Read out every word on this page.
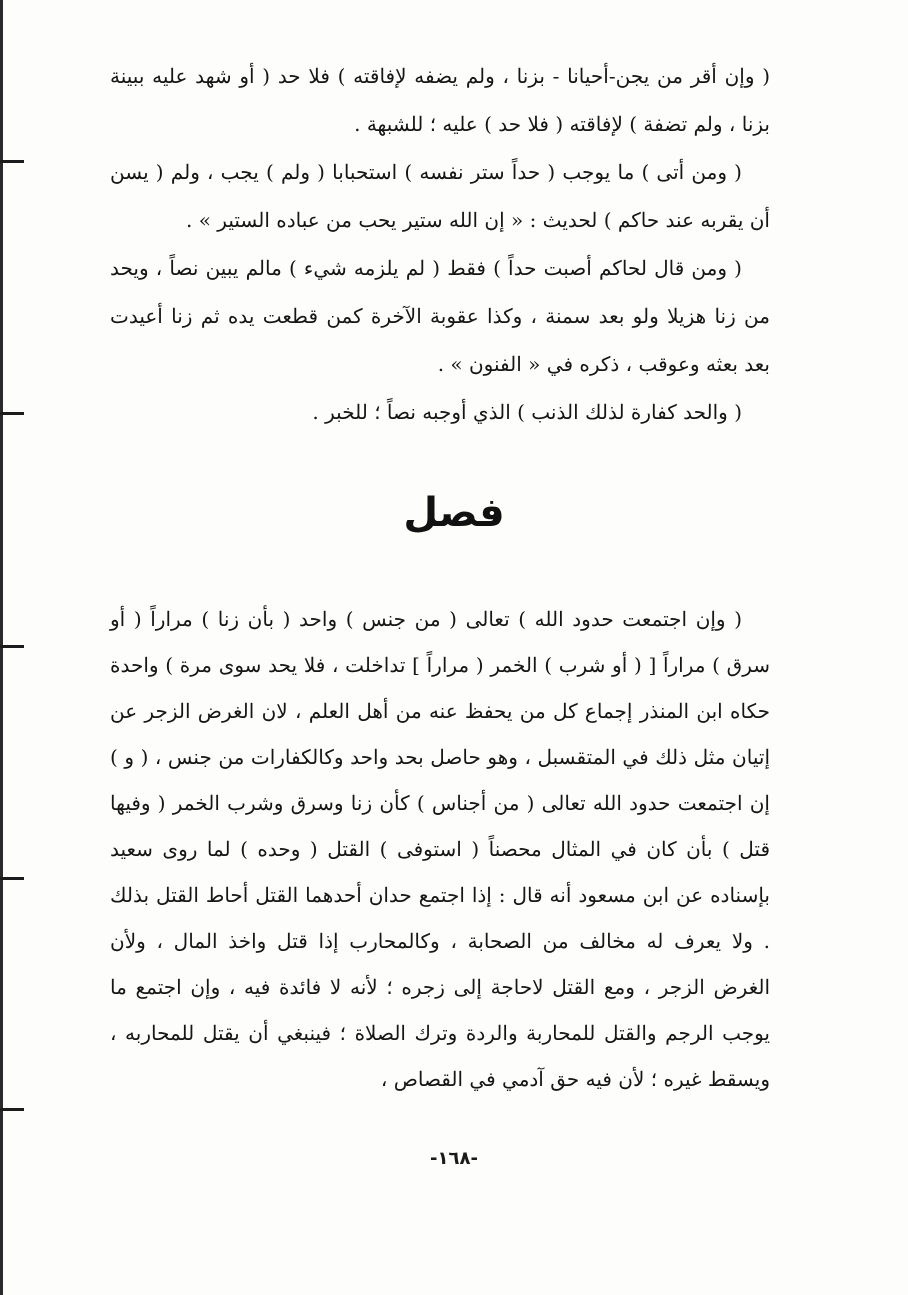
( وإن أقر من يجن-أحيانا - بزنا ، ولم يضفه لإفاقته ) فلا حد ( أو شهد عليه ببينة بزنا ، ولم تضفة ) لإفاقته ( فلا حد ) عليه ؛ للشبهة .

( ومن أتى ) ما يوجب ( حداً ستر نفسه ) استحبابا ( ولم ) يجب ، ولم ( يسن أن يقربه عند حاكم ) لحديث : « إن الله ستير يحب من عباده الستير » .

( ومن قال لحاكم أصبت حداً ) فقط ( لم يلزمه شيء ) مالم يبين نصاً ، ويحد من زنا هزيلا ولو بعد سمنة ، وكذا عقوبة الآخرة كمن قطعت يده ثم زنا أعيدت بعد بعثه وعوقب ، ذكره في « الفنون » .

( والحد كفارة لذلك الذنب ) الذي أوجبه نصاً ؛ للخبر .

فصل

( وإن اجتمعت حدود الله ) تعالى ( من جنس ) واحد ( بأن زنا ) مراراً ( أو سرق ) مراراً [ ( أو شرب ) الخمر ( مراراً ] تداخلت ، فلا يحد سوى مرة ) واحدة حكاه ابن المنذر إجماع كل من يحفظ عنه من أهل العلم ، لان الغرض الزجر عن إتيان مثل ذلك في المتقسبل ، وهو حاصل بحد واحد وكالكفارات من جنس ، ( و ) إن اجتمعت حدود الله تعالى ( من أجناس ) كأن زنا وسرق وشرب الخمر ( وفيها قتل ) بأن كان في المثال محصناً ( استوفى ) القتل ( وحده ) لما روى سعيد بإسناده عن ابن مسعود أنه قال : إذا اجتمع حدان أحدهما القتل أحاط القتل بذلك . ولا يعرف له مخالف من الصحابة ، وكالمحارب إذا قتل واخذ المال ، ولأن الغرض الزجر ، ومع القتل لاحاجة إلى زجره ؛ لأنه لا فائدة فيه ، وإن اجتمع ما يوجب الرجم والقتل للمحاربة والردة وترك الصلاة ؛ فينبغي أن يقتل للمحاربه ، ويسقط غيره ؛ لأن فيه حق آدمي في القصاص ،

-١٦٨-
